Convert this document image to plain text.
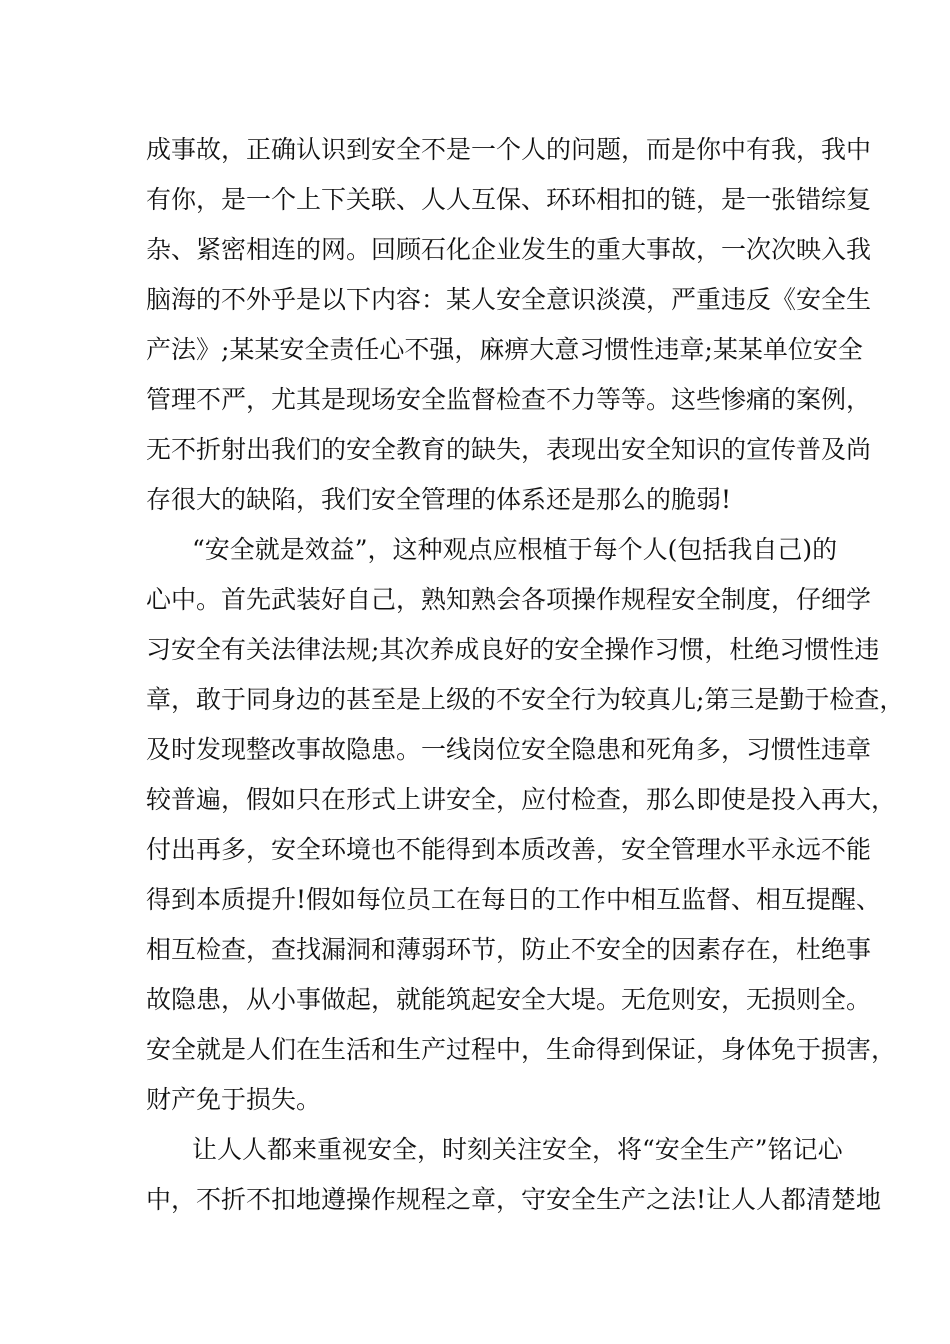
成事故，正确认识到安全不是一个人的问题，而是你中有我，我中
有你，是一个上下关联、人人互保、环环相扣的链，是一张错综复
杂、紧密相连的网。回顾石化企业发生的重大事故，一次次映入我
脑海的不外乎是以下内容：某人安全意识淡漠，严重违反《安全生
产法》;某某安全责任心不强，麻痹大意习惯性违章;某某单位安全
管理不严，尤其是现场安全监督检查不力等等。这些惨痛的案例，
无不折射出我们的安全教育的缺失，表现出安全知识的宣传普及尚
存很大的缺陷，我们安全管理的体系还是那么的脆弱!
“安全就是效益”，这种观点应根植于每个人(包括我自己)的
心中。首先武装好自己，熟知熟会各项操作规程安全制度，仔细学
习安全有关法律法规;其次养成良好的安全操作习惯，杜绝习惯性违
章，敢于同身边的甚至是上级的不安全行为较真儿;第三是勤于检查，
及时发现整改事故隐患。一线岗位安全隐患和死角多，习惯性违章
较普遍，假如只在形式上讲安全，应付检查，那么即使是投入再大，
付出再多，安全环境也不能得到本质改善，安全管理水平永远不能
得到本质提升!假如每位员工在每日的工作中相互监督、相互提醒、
相互检查，查找漏洞和薄弱环节，防止不安全的因素存在，杜绝事
故隐患，从小事做起，就能筑起安全大堤。无危则安，无损则全。
安全就是人们在生活和生产过程中，生命得到保证，身体免于损害，
财产免于损失。
让人人都来重视安全，时刻关注安全，将“安全生产”铭记心
中，不折不扣地遵操作规程之章，守安全生产之法!让人人都清楚地
